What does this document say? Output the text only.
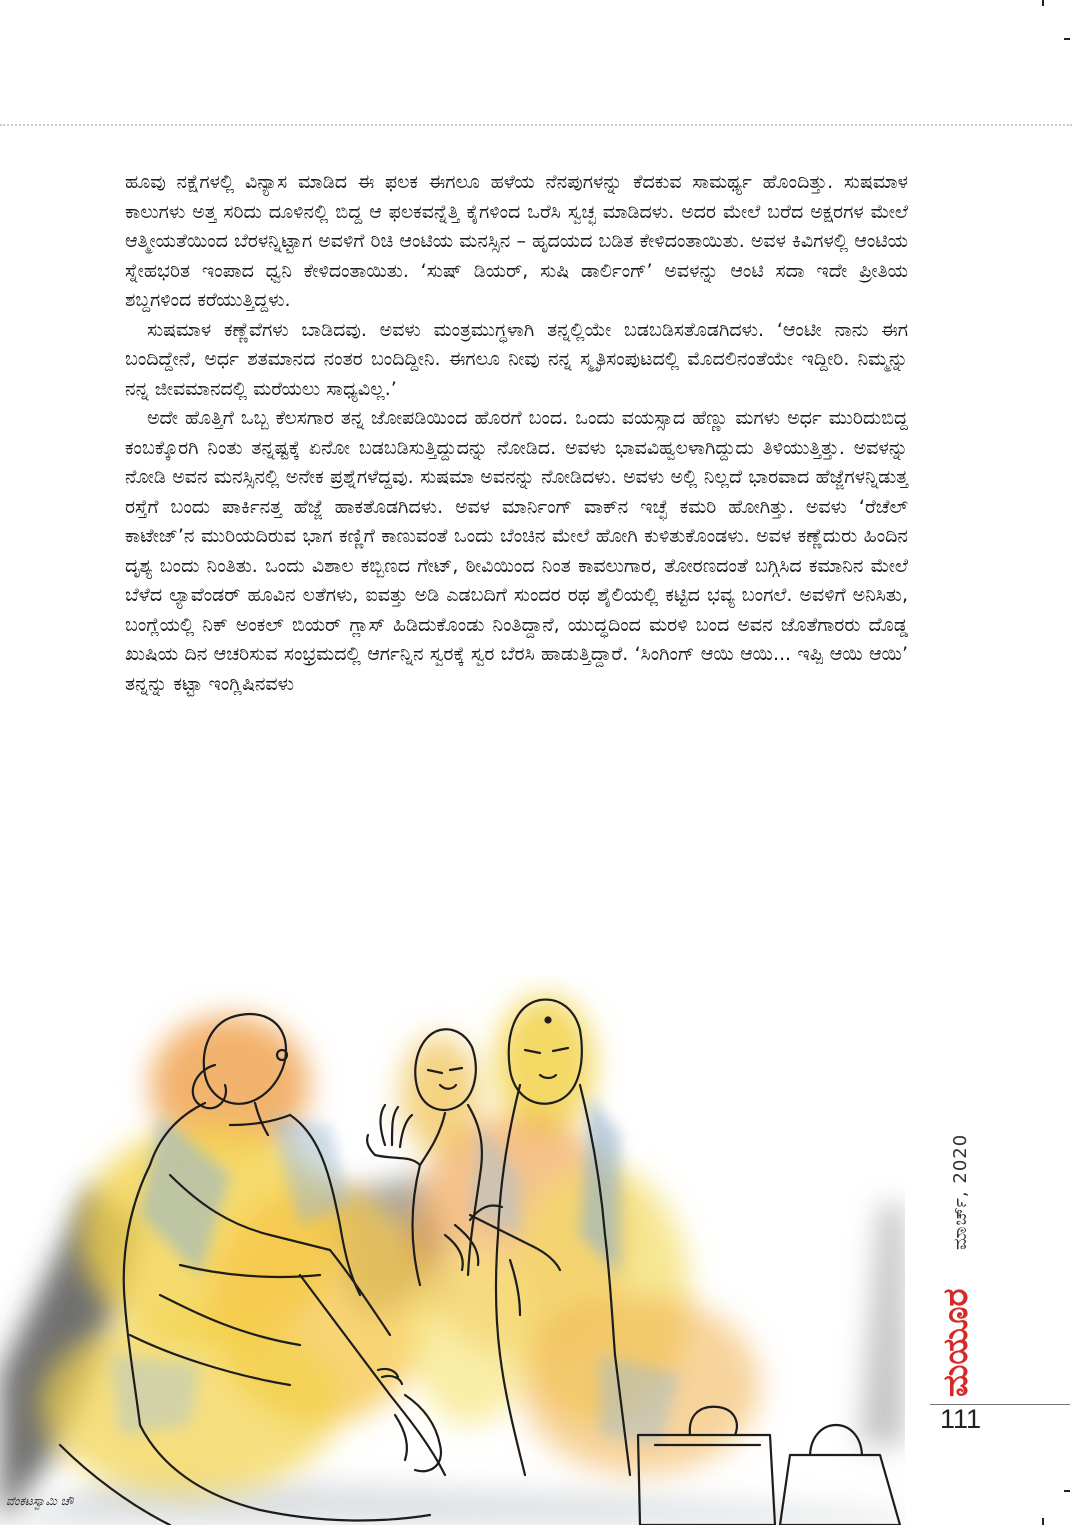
ಹೂವು ನಕ್ಷೆಗಳಲ್ಲಿ ವಿನ್ಯಾಸ ಮಾಡಿದ ಈ ಫಲಕ ಈಗಲೂ ಹಳೆಯ ನೆನಪುಗಳನ್ನು ಕೆದಕುವ ಸಾಮರ್ಥ್ಯ ಹೊಂದಿತ್ತು. ಸುಷಮಾಳ ಕಾಲುಗಳು ಅತ್ತ ಸರಿದು ದೂಳಿನಲ್ಲಿ ಬಿದ್ದ ಆ ಫಲಕವನ್ನೆತ್ತಿ ಕೈಗಳಿಂದ ಒರೆಸಿ ಸ್ವಚ್ಛ ಮಾಡಿದಳು. ಅದರ ಮೇಲೆ ಬರೆದ ಅಕ್ಷರಗಳ ಮೇಲೆ ಆತ್ಮೀಯತೆಯಿಂದ ಬೆರಳನ್ನಿಟ್ಟಾಗ ಅವಳಿಗೆ ರಿಚಿ ಆಂಟಿಯ ಮನಸ್ಸಿನ – ಹೃದಯದ ಬಡಿತ ಕೇಳಿದಂತಾಯಿತು. ಅವಳ ಕಿವಿಗಳಲ್ಲಿ ಆಂಟಿಯ ಸ್ನೇಹಭರಿತ ಇಂಪಾದ ಧ್ವನಿ ಕೇಳಿದಂತಾಯಿತು. ‘ಸುಷ್ ಡಿಯರ್, ಸುಷಿ ಡಾರ್ಲಿಂಗ್’ ಅವಳನ್ನು ಆಂಟಿ ಸದಾ ಇದೇ ಪ್ರೀತಿಯ ಶಬ್ದಗಳಿಂದ ಕರೆಯುತ್ತಿದ್ದಳು.

ಸುಷಮಾಳ ಕಣ್ಣೆವೆಗಳು ಬಾಡಿದವು. ಅವಳು ಮಂತ್ರಮುಗ್ಧಳಾಗಿ ತನ್ನಲ್ಲಿಯೇ ಬಡಬಡಿಸತೊಡಗಿದಳು. ‘ಆಂಟೀ ನಾನು ಈಗ ಬಂದಿದ್ದೇನೆ, ಅರ್ಧ ಶತಮಾನದ ನಂತರ ಬಂದಿದ್ದೀನಿ. ಈಗಲೂ ನೀವು ನನ್ನ ಸ್ಮೃತಿಸಂಪುಟದಲ್ಲಿ ಮೊದಲಿನಂತೆಯೇ ಇದ್ದೀರಿ. ನಿಮ್ಮನ್ನು ನನ್ನ ಜೀವಮಾನದಲ್ಲಿ ಮರೆಯಲು ಸಾಧ್ಯವಿಲ್ಲ.’

ಅದೇ ಹೊತ್ತಿಗೆ ಒಬ್ಬ ಕೆಲಸಗಾರ ತನ್ನ ಜೋಪಡಿಯಿಂದ ಹೊರಗೆ ಬಂದ. ಒಂದು ವಯಸ್ಸಾದ ಹೆಣ್ಣು ಮಗಳು ಅರ್ಧ ಮುರಿದುಬಿದ್ದ ಕಂಬಕ್ಕೊರಗಿ ನಿಂತು ತನ್ನಷ್ಟಕ್ಕೆ ಏನೋ ಬಡಬಡಿಸುತ್ತಿದ್ದುದನ್ನು ನೋಡಿದ. ಅವಳು ಭಾವವಿಹ್ವಲಳಾಗಿದ್ದುದು ತಿಳಿಯುತ್ತಿತ್ತು. ಅವಳನ್ನು ನೋಡಿ ಅವನ ಮನಸ್ಸಿನಲ್ಲಿ ಅನೇಕ ಪ್ರಶ್ನೆಗಳೆದ್ದವು. ಸುಷಮಾ ಅವನನ್ನು ನೋಡಿದಳು. ಅವಳು ಅಲ್ಲಿ ನಿಲ್ಲದೆ ಭಾರವಾದ ಹೆಜ್ಜೆಗಳನ್ನಿಡುತ್ತ ರಸ್ತೆಗೆ ಬಂದು ಪಾರ್ಕಿನತ್ತ ಹೆಜ್ಜೆ ಹಾಕತೊಡಗಿದಳು. ಅವಳ ಮಾರ್ನಿಂಗ್ ವಾಕ್‌ನ ಇಚ್ಛೆ ಕಮರಿ ಹೋಗಿತ್ತು. ಅವಳು ‘ರೆಚೆಲ್ ಕಾಟೇಜ್’ನ ಮುರಿಯದಿರುವ ಭಾಗ ಕಣ್ಣಿಗೆ ಕಾಣುವಂತೆ ಒಂದು ಬೆಂಚಿನ ಮೇಲೆ ಹೋಗಿ ಕುಳಿತುಕೊಂಡಳು. ಅವಳ ಕಣ್ಣೆದುರು ಹಿಂದಿನ ದೃಶ್ಯ ಬಂದು ನಿಂತಿತು. ಒಂದು ವಿಶಾಲ ಕಬ್ಬಿಣದ ಗೇಟ್, ಠೀವಿಯಿಂದ ನಿಂತ ಕಾವಲುಗಾರ, ತೋರಣದಂತೆ ಬಗ್ಗಿಸಿದ ಕಮಾನಿನ ಮೇಲೆ ಬೆಳೆದ ಲ್ಯಾವೆಂಡರ್ ಹೂವಿನ ಲತೆಗಳು, ಐವತ್ತು ಅಡಿ ಎಡಬದಿಗೆ ಸುಂದರ ರಥ ಶೈಲಿಯಲ್ಲಿ ಕಟ್ಟಿದ ಭವ್ಯ ಬಂಗಲೆ. ಅವಳಿಗೆ ಅನಿಸಿತು, ಬಂಗ್ಲೆಯಲ್ಲಿ ನಿಕ್ ಅಂಕಲ್ ಬಿಯರ್ ಗ್ಲಾಸ್ ಹಿಡಿದುಕೊಂಡು ನಿಂತಿದ್ದಾನೆ, ಯುದ್ಧದಿಂದ ಮರಳಿ ಬಂದ ಅವನ ಜೊತೆಗಾರರು ದೊಡ್ಡ ಖುಷಿಯ ದಿನ ಆಚರಿಸುವ ಸಂಭ್ರಮದಲ್ಲಿ ಆರ್ಗನ್ನಿನ ಸ್ವರಕ್ಕೆ ಸ್ವರ ಬೆರಸಿ ಹಾಡುತ್ತಿದ್ದಾರೆ. ‘ಸಿಂಗಿಂಗ್ ಆಯಿ ಆಯಿ... ಇಪ್ಪಿ ಆಯಿ ಆಯಿ’ ತನ್ನನ್ನು ಕಟ್ಟಾ ಇಂಗ್ಲಿಷಿನವಳು

ವೆಂಕಟಸ್ವಾಮಿ ಚೌ
ಮಾರ್ಚ್, 2020
ಮಯೂರ
111
